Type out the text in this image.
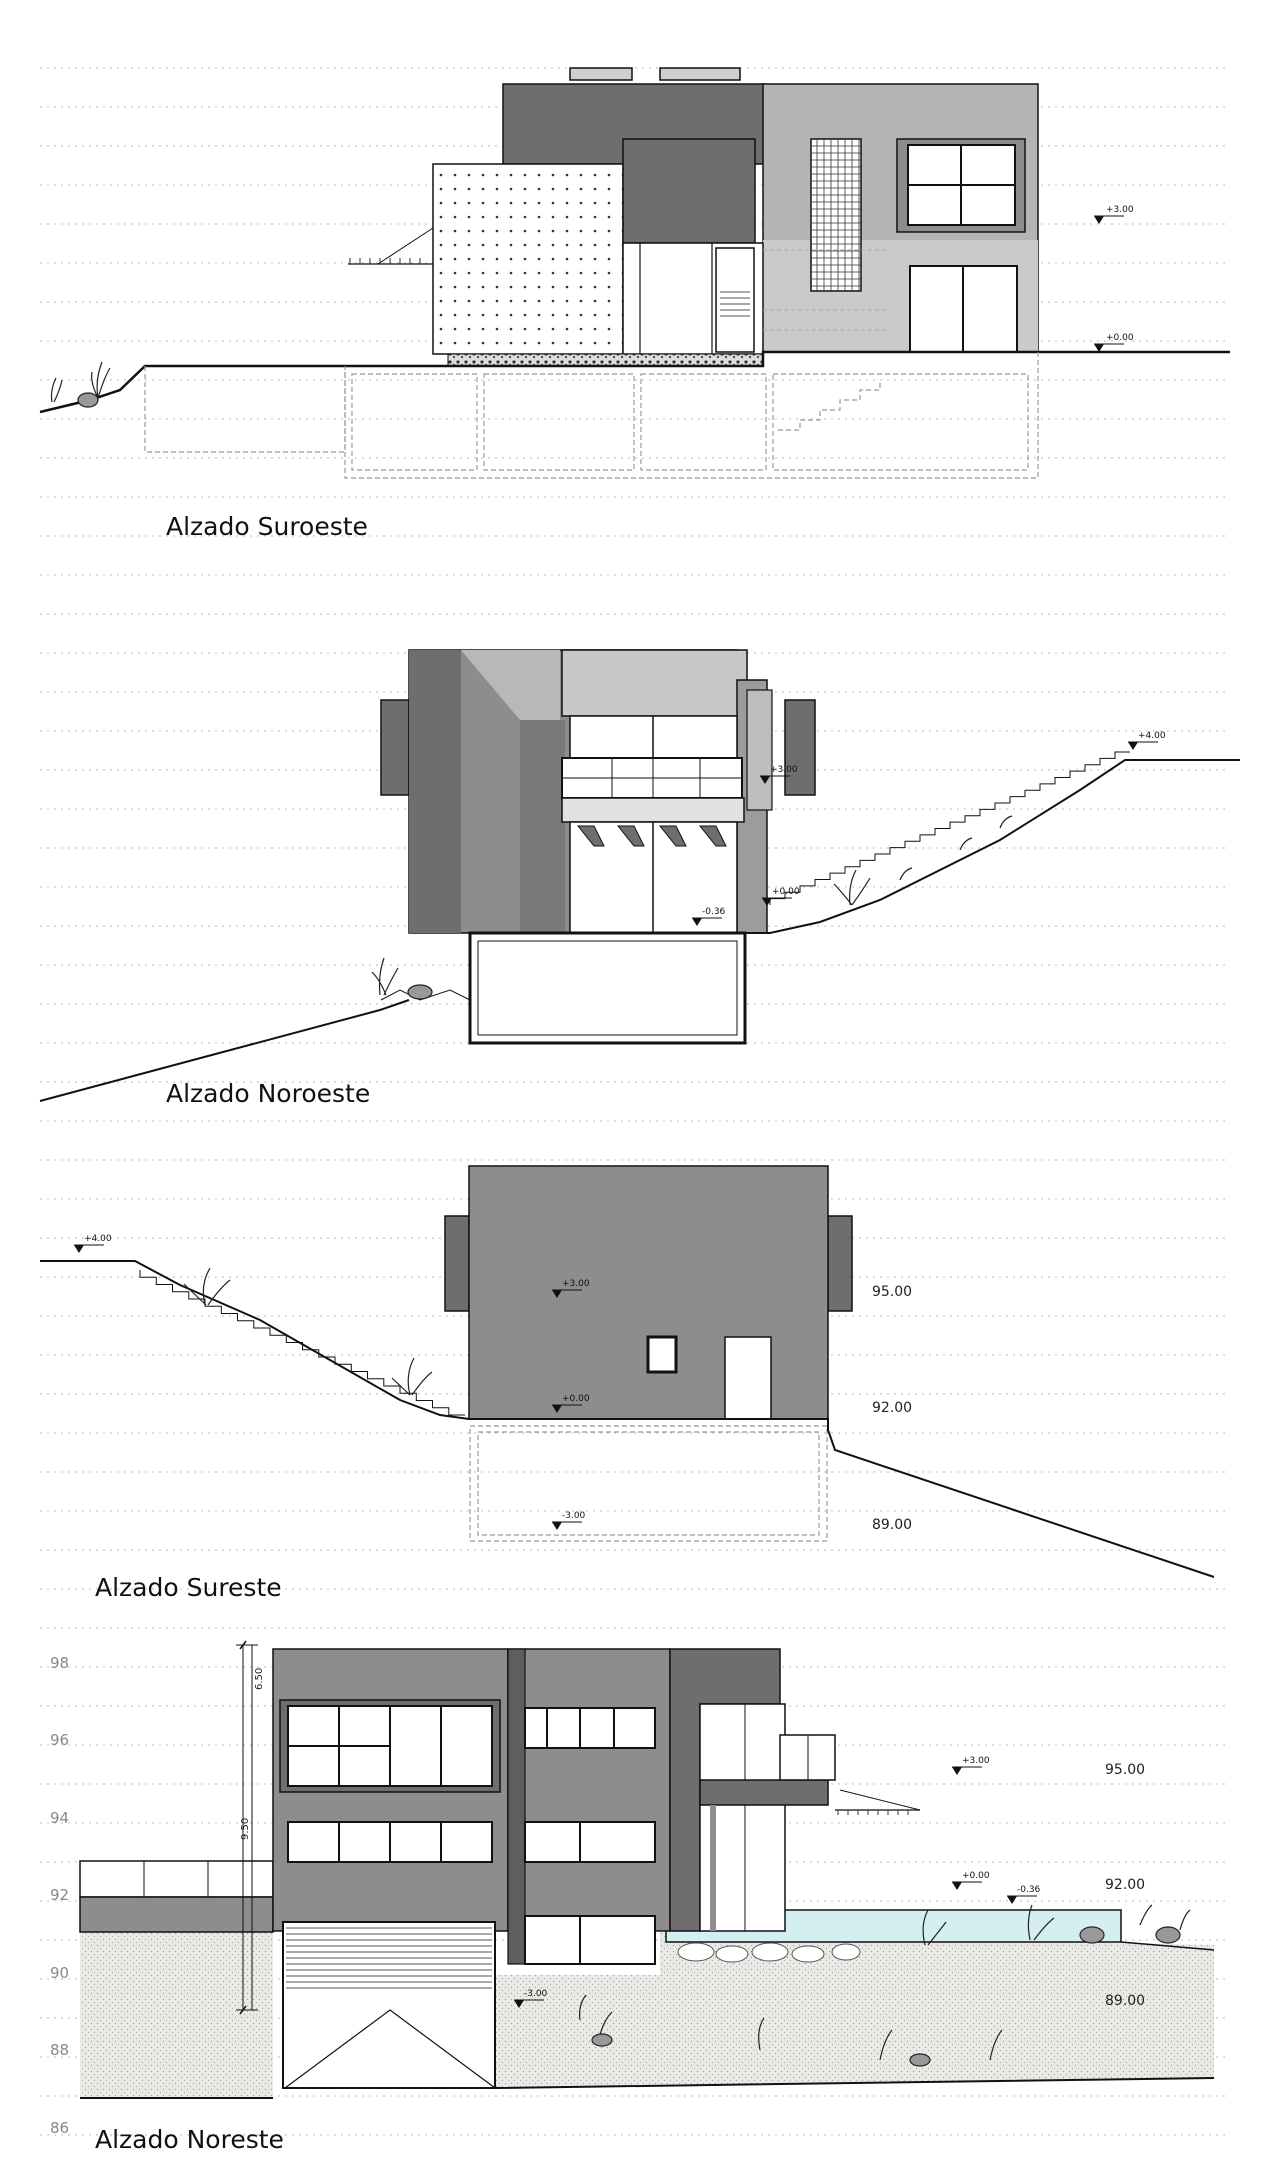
+3.00
+0.00
Alzado Suroeste
+4.00
+3.00
+0.00
-0.36
Alzado Noroeste
+4.00
+3.00
+0.00
-3.00
95.00
92.00
89.00
Alzado Sureste
6.50
9.50
98
96
94
92
90
88
86
+3.00
+0.00
-0.36
-3.00
95.00
92.00
89.00
Alzado Noreste
